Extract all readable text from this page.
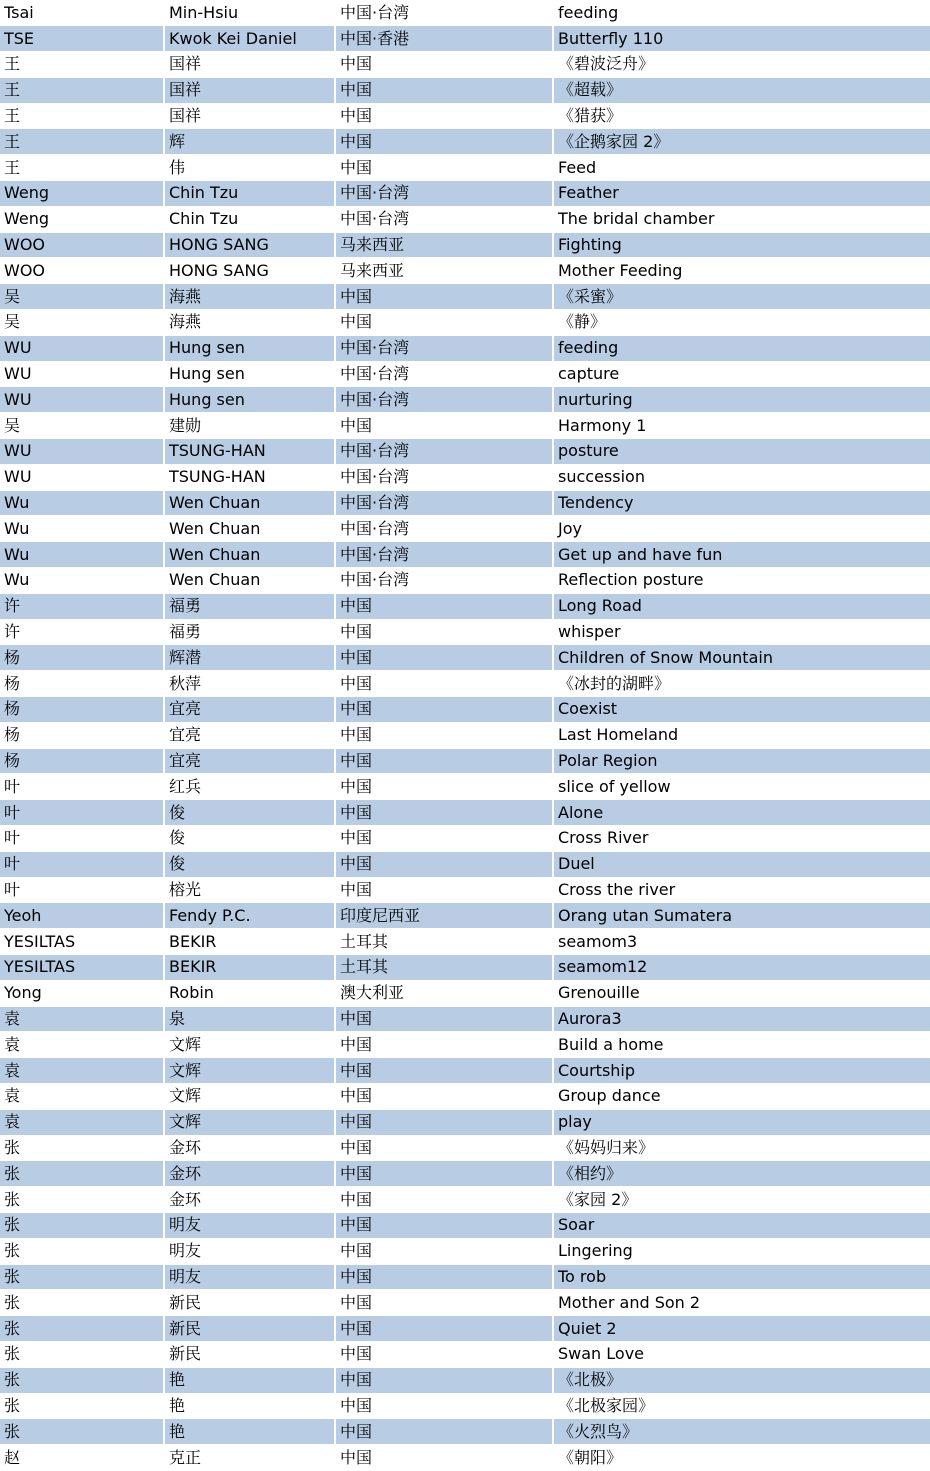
Tsai	Min-Hsiu	中国·台湾	feeding
TSE	Kwok Kei Daniel	中国·香港	Butterfly 110
王	国祥	中国	《碧波泛舟》
王	国祥	中国	《超载》
王	国祥	中国	《猎获》
王	辉	中国	《企鹅家园 2》
王	伟	中国	Feed
Weng	Chin Tzu	中国·台湾	Feather
Weng	Chin Tzu	中国·台湾	The bridal chamber
WOO	HONG SANG	马来西亚	Fighting
WOO	HONG SANG	马来西亚	Mother Feeding
吴	海燕	中国	《采蜜》
吴	海燕	中国	《静》
WU	Hung sen	中国·台湾	feeding
WU	Hung sen	中国·台湾	capture
WU	Hung sen	中国·台湾	nurturing
吴	建勋	中国	Harmony 1
WU	TSUNG-HAN	中国·台湾	posture
WU	TSUNG-HAN	中国·台湾	succession
Wu	Wen Chuan	中国·台湾	Tendency
Wu	Wen Chuan	中国·台湾	Joy
Wu	Wen Chuan	中国·台湾	Get up and have fun
Wu	Wen Chuan	中国·台湾	Reflection posture
许	福勇	中国	Long Road
许	福勇	中国	whisper
杨	辉潜	中国	Children of Snow Mountain
杨	秋萍	中国	《冰封的湖畔》
杨	宜亮	中国	Coexist
杨	宜亮	中国	Last Homeland
杨	宜亮	中国	Polar Region
叶	红兵	中国	slice of yellow
叶	俊	中国	Alone
叶	俊	中国	Cross River
叶	俊	中国	Duel
叶	榕光	中国	Cross the river
Yeoh	Fendy P.C.	印度尼西亚	Orang utan Sumatera
YESILTAS	BEKIR	土耳其	seamom3
YESILTAS	BEKIR	土耳其	seamom12
Yong	Robin	澳大利亚	Grenouille
袁	泉	中国	Aurora3
袁	文辉	中国	Build a home
袁	文辉	中国	Courtship
袁	文辉	中国	Group dance
袁	文辉	中国	play
张	金环	中国	《妈妈归来》
张	金环	中国	《相约》
张	金环	中国	《家园 2》
张	明友	中国	Soar
张	明友	中国	Lingering
张	明友	中国	To rob
张	新民	中国	Mother and Son 2
张	新民	中国	Quiet 2
张	新民	中国	Swan Love
张	艳	中国	《北极》
张	艳	中国	《北极家园》
张	艳	中国	《火烈鸟》
赵	克正	中国	《朝阳》
